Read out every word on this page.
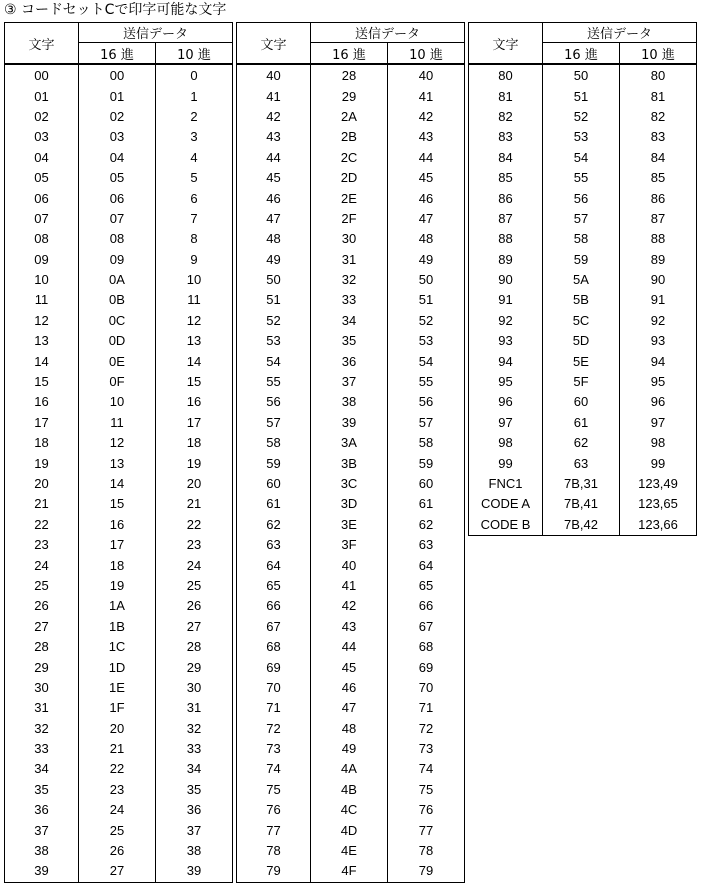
③ コードセットCで印字可能な文字
文字	送信データ	
	16 進	10 進
00	00	0
01	01	1
02	02	2
03	03	3
04	04	4
05	05	5
06	06	6
07	07	7
08	08	8
09	09	9
10	0A	10
11	0B	11
12	0C	12
13	0D	13
14	0E	14
15	0F	15
16	10	16
17	11	17
18	12	18
19	13	19
20	14	20
21	15	21
22	16	22
23	17	23
24	18	24
25	19	25
26	1A	26
27	1B	27
28	1C	28
29	1D	29
30	1E	30
31	1F	31
32	20	32
33	21	33
34	22	34
35	23	35
36	24	36
37	25	37
38	26	38
39	27	39
文字	送信データ	
	16 進	10 進
40	28	40
41	29	41
42	2A	42
43	2B	43
44	2C	44
45	2D	45
46	2E	46
47	2F	47
48	30	48
49	31	49
50	32	50
51	33	51
52	34	52
53	35	53
54	36	54
55	37	55
56	38	56
57	39	57
58	3A	58
59	3B	59
60	3C	60
61	3D	61
62	3E	62
63	3F	63
64	40	64
65	41	65
66	42	66
67	43	67
68	44	68
69	45	69
70	46	70
71	47	71
72	48	72
73	49	73
74	4A	74
75	4B	75
76	4C	76
77	4D	77
78	4E	78
79	4F	79
文字	送信データ	
	16 進	10 進
80	50	80
81	51	81
82	52	82
83	53	83
84	54	84
85	55	85
86	56	86
87	57	87
88	58	88
89	59	89
90	5A	90
91	5B	91
92	5C	92
93	5D	93
94	5E	94
95	5F	95
96	60	96
97	61	97
98	62	98
99	63	99
FNC1	7B,31	123,49
CODE A	7B,41	123,65
CODE B	7B,42	123,66
